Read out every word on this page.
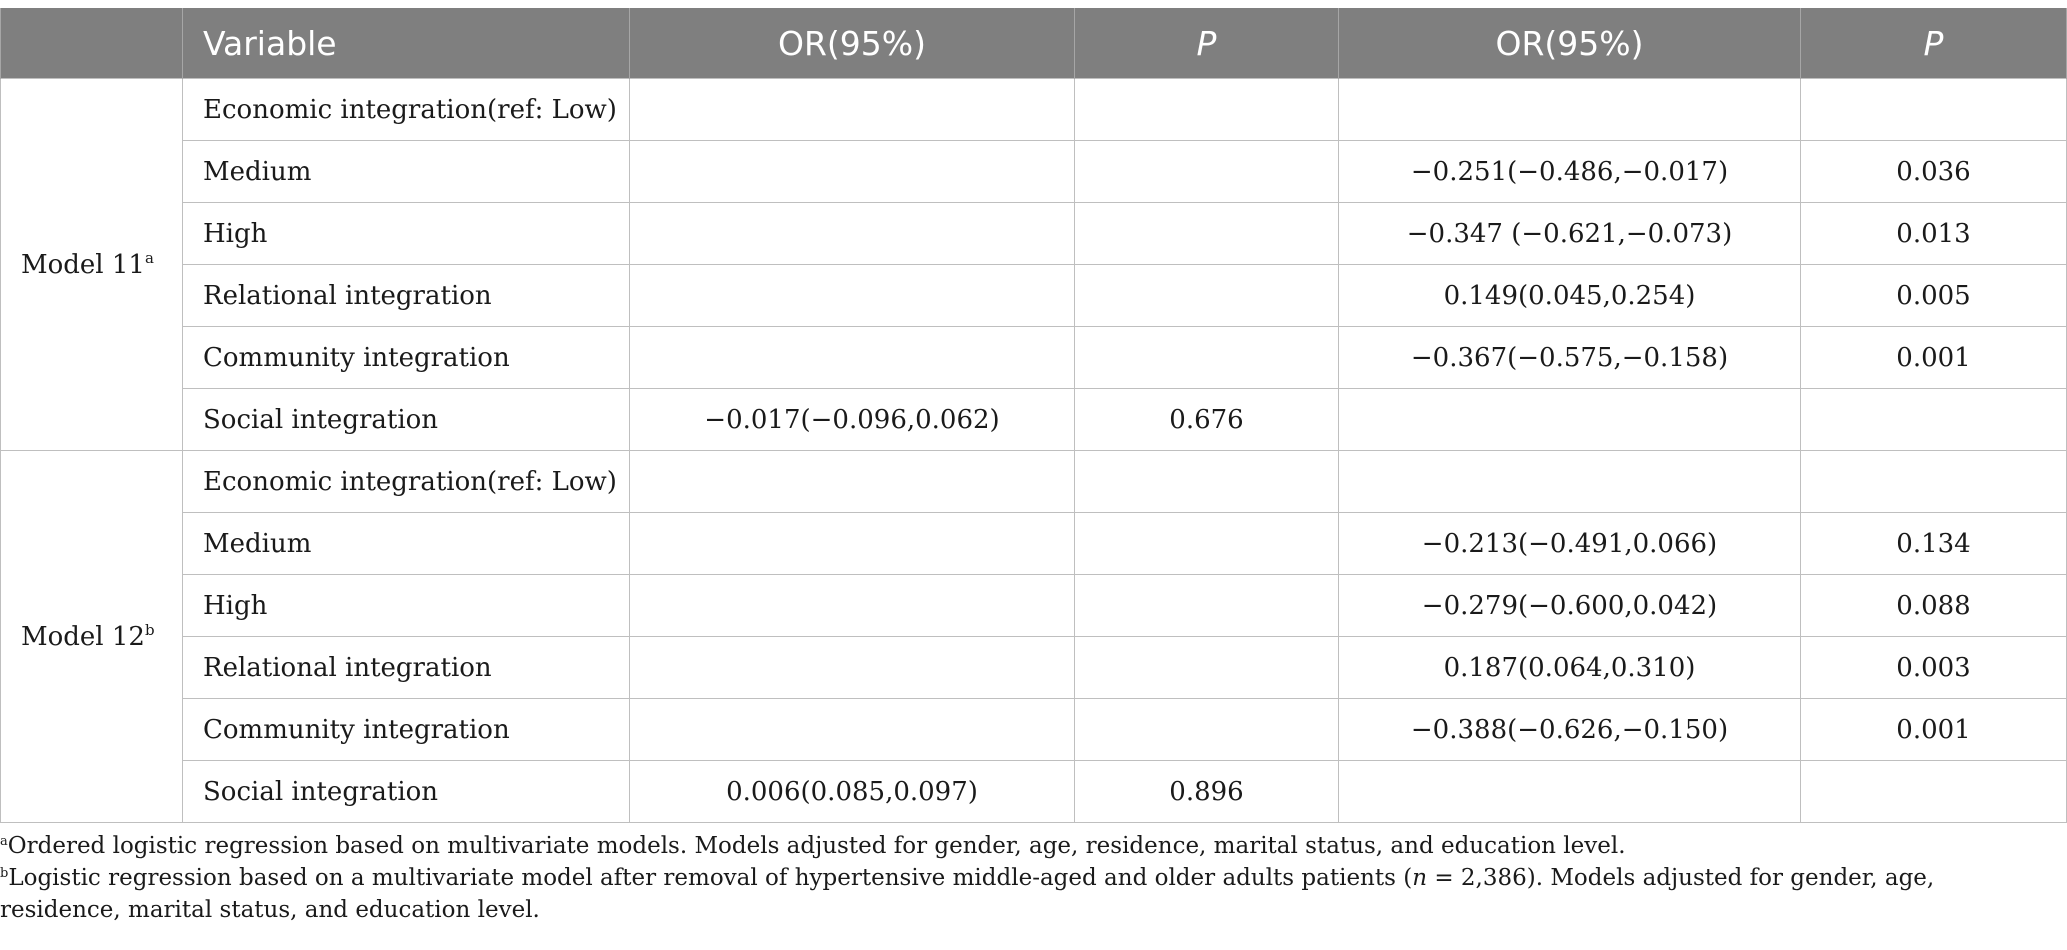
	Variable	OR(95%)	P	OR(95%)	P
Model 11$^a$	Economic integration(ref: Low)				
	Medium			−0.251(−0.486,−0.017)	0.036
	High			−0.347 (−0.621,−0.073)	0.013
	Relational integration			0.149(0.045,0.254)	0.005
	Community integration			−0.367(−0.575,−0.158)	0.001
	Social integration	−0.017(−0.096,0.062)	0.676		
Model 12$^b$	Economic integration(ref: Low)				
	Medium			−0.213(−0.491,0.066)	0.134
	High			−0.279(−0.600,0.042)	0.088
	Relational integration			0.187(0.064,0.310)	0.003
	Community integration			−0.388(−0.626,−0.150)	0.001
	Social integration	0.006(0.085,0.097)	0.896		

$^a$Ordered logistic regression based on multivariate models. Models adjusted for gender, age, residence, marital status, and education level.

$^b$Logistic regression based on a multivariate model after removal of hypertensive middle-aged and older adults patients (n = 2,386). Models adjusted for gender, age, residence, marital status, and education level.
